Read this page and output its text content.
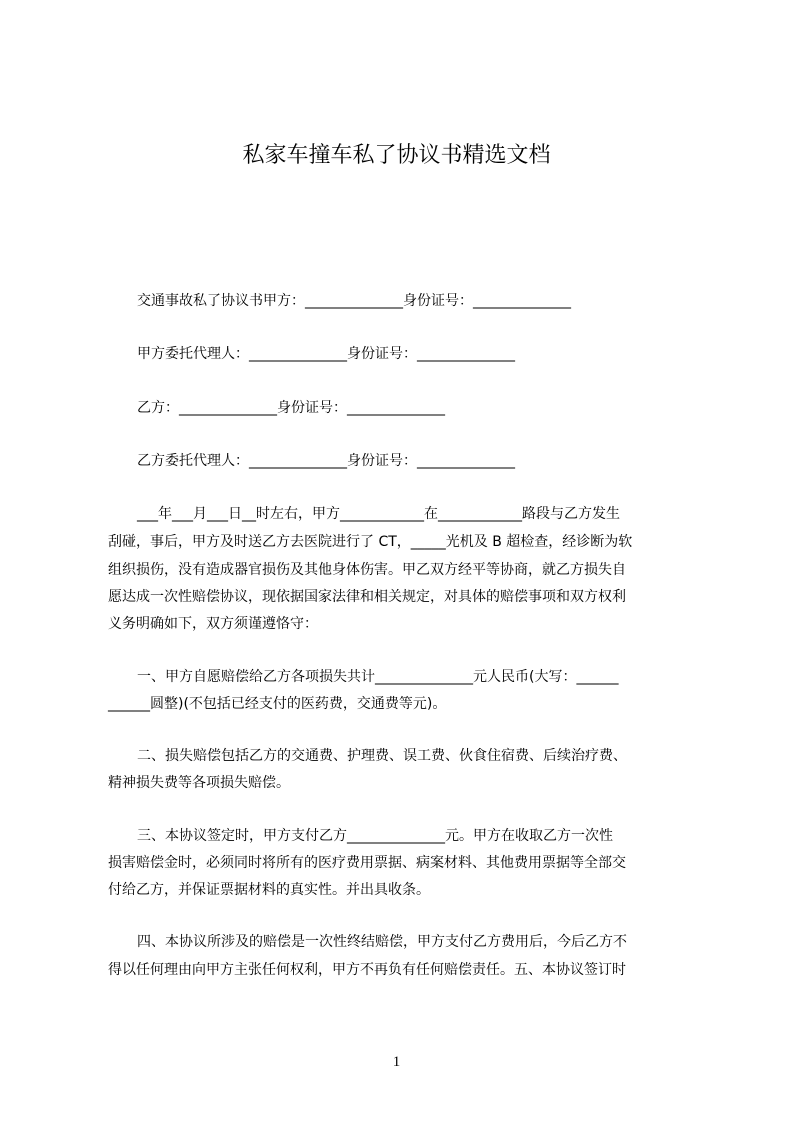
私家车撞车私了协议书精选文档

交通事故私了协议书甲方：______________身份证号：______________

甲方委托代理人：______________身份证号：______________

乙方：______________身份证号：______________

乙方委托代理人：______________身份证号：______________

___年___月___日__时左右，甲方____________在____________路段与乙方发生

刮碰，事后，甲方及时送乙方去医院进行了 CT，_____光机及 B 超检查，经诊断为软

组织损伤，没有造成器官损伤及其他身体伤害。甲乙双方经平等协商，就乙方损失自

愿达成一次性赔偿协议，现依据国家法律和相关规定，对具体的赔偿事项和双方权利

义务明确如下，双方须谨遵恪守：

一、甲方自愿赔偿给乙方各项损失共计______________元人民币(大写：______

______圆整)(不包括已经支付的医药费，交通费等元)。

二、损失赔偿包括乙方的交通费、护理费、误工费、伙食住宿费、后续治疗费、

精神损失费等各项损失赔偿。

三、本协议签定时，甲方支付乙方______________元。甲方在收取乙方一次性

损害赔偿金时，必须同时将所有的医疗费用票据、病案材料、其他费用票据等全部交

付给乙方，并保证票据材料的真实性。并出具收条。

四、本协议所涉及的赔偿是一次性终结赔偿，甲方支付乙方费用后，今后乙方不

得以任何理由向甲方主张任何权利，甲方不再负有任何赔偿责任。五、本协议签订时

1
